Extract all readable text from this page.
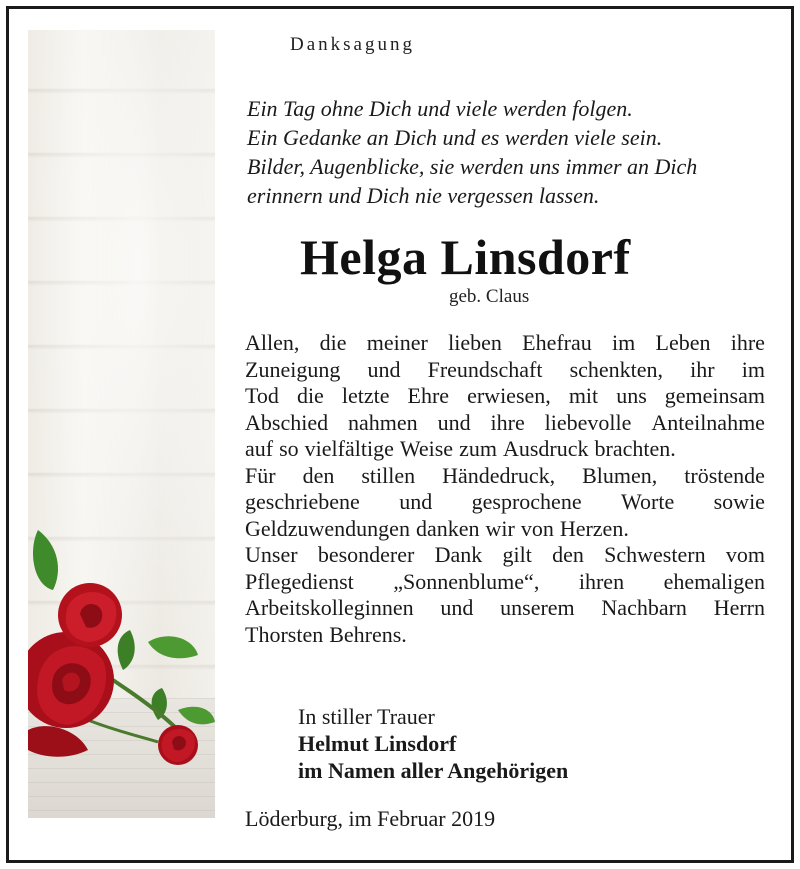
Danksagung
Ein Tag ohne Dich und viele werden folgen.
Ein Gedanke an Dich und es werden viele sein.
Bilder, Augenblicke, sie werden uns immer an Dich
erinnern und Dich nie vergessen lassen.
Helga Linsdorf
geb. Claus
Allen, die meiner lieben Ehefrau im Leben ihre
Zuneigung und Freundschaft schenkten, ihr im
Tod die letzte Ehre erwiesen, mit uns gemeinsam
Abschied nahmen und ihre liebevolle Anteilnahme
auf so vielfältige Weise zum Ausdruck brachten.
Für den stillen Händedruck, Blumen, tröstende
geschriebene und gesprochene Worte sowie
Geldzuwendungen danken wir von Herzen.
Unser besonderer Dank gilt den Schwestern vom
Pflegedienst „Sonnenblume“, ihren ehemaligen
Arbeitskolleginnen und unserem Nachbarn Herrn
Thorsten Behrens.
In stiller Trauer
Helmut Linsdorf
im Namen aller Angehörigen
Löderburg, im Februar 2019
